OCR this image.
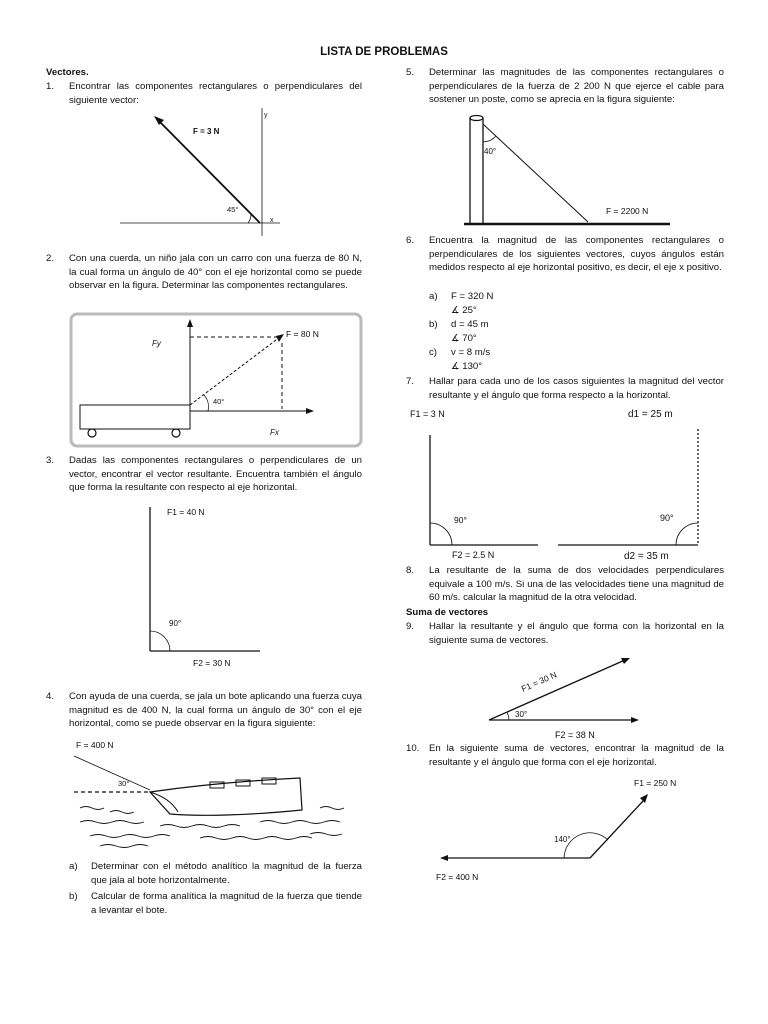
LISTA DE PROBLEMAS
Vectores.
1. Encontrar las componentes rectangulares o perpendiculares del siguiente vector:
F = 3 N
45°
y
x
2. Con una cuerda, un niño jala con un carro con una fuerza de 80 N, la cual forma un ángulo de 40° con el eje horizontal como se puede observar en la figura. Determinar las componentes rectangulares.
40°
F = 80 N
Fy
Fx
3. Dadas las componentes rectangulares o perpendiculares de un vector, encontrar el vector resultante. Encuentra también el ángulo que forma la resultante con respecto al eje horizontal.
F1 = 40 N
90°
F2 = 30 N
4. Con ayuda de una cuerda, se jala un bote aplicando una fuerza cuya magnitud es de 400 N, la cual forma un ángulo de 30° con el eje horizontal, como se puede observar en la figura siguiente:
F = 400 N
30°
a) Determinar con el método analítico la magnitud de la fuerza que jala al bote horizontalmente.
b) Calcular de forma analítica la magnitud de la fuerza que tiende a levantar el bote.
5. Determinar las magnitudes de las componentes rectangulares o perpendiculares de la fuerza de 2 200 N que ejerce el cable para sostener un poste, como se aprecia en la figura siguiente:
40°
F = 2200 N
6. Encuentra la magnitud de las componentes rectangulares o perpendiculares de los siguientes vectores, cuyos ángulos están medidos respecto al eje horizontal positivo, es decir, el eje x positivo.
a) F = 320 N
∡ 25°
b) d = 45 m
∡ 70°
c) v = 8 m/s
∡ 130°
7. Hallar para cada uno de los casos siguientes la magnitud del vector resultante y el ángulo que forma respecto a la horizontal.
F1 = 3 N
90°
F2 = 2.5 N
d1 = 25 m
90°
d2 = 35 m
8. La resultante de la suma de dos velocidades perpendiculares equivale a 100 m/s. Si una de las velocidades tiene una magnitud de 60 m/s. calcular la magnitud de la otra velocidad.
Suma de vectores
9. Hallar la resultante y el ángulo que forma con la horizontal en la siguiente suma de vectores.
30°
F1 = 30 N
F2 = 38 N
10. En la siguiente suma de vectores, encontrar la magnitud de la resultante y el ángulo que forma con el eje horizontal.
F1 = 250 N
140°
F2 = 400 N
